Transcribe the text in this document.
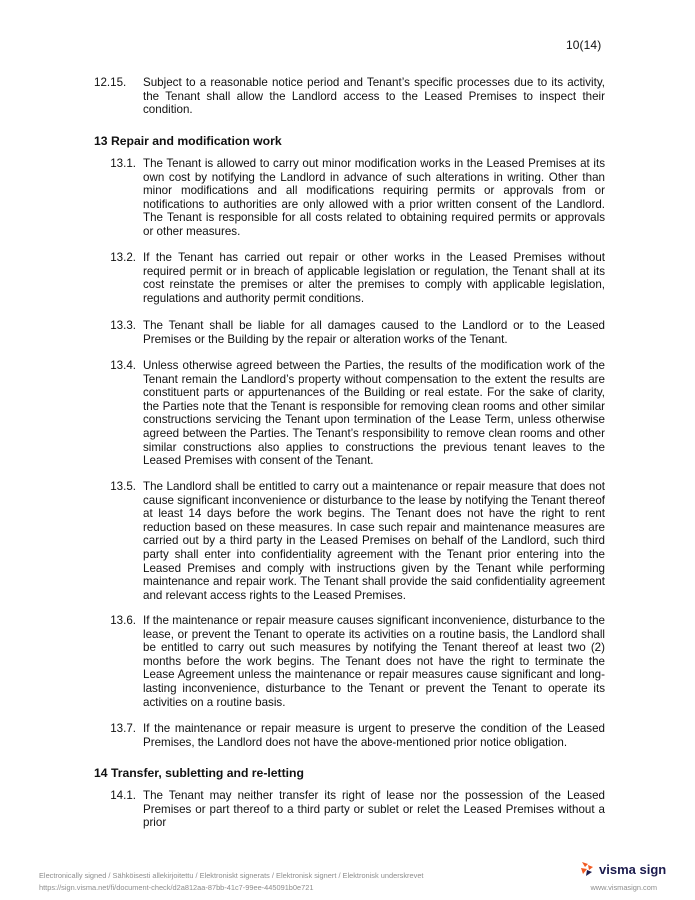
10(14)
12.15.	Subject to a reasonable notice period and Tenant’s specific processes due to its activity, the Tenant shall allow the Landlord access to the Leased Premises to inspect their condition.
13 Repair and modification work
13.1. The Tenant is allowed to carry out minor modification works in the Leased Premises at its own cost by notifying the Landlord in advance of such alterations in writing. Other than minor modifications and all modifications requiring permits or approvals from or notifications to authorities are only allowed with a prior written consent of the Landlord. The Tenant is responsible for all costs related to obtaining required permits or approvals or other measures.
13.2. If the Tenant has carried out repair or other works in the Leased Premises without required permit or in breach of applicable legislation or regulation, the Tenant shall at its cost reinstate the premises or alter the premises to comply with applicable legislation, regulations and authority permit conditions.
13.3. The Tenant shall be liable for all damages caused to the Landlord or to the Leased Premises or the Building by the repair or alteration works of the Tenant.
13.4. Unless otherwise agreed between the Parties, the results of the modification work of the Tenant remain the Landlord’s property without compensation to the extent the results are constituent parts or appurtenances of the Building or real estate. For the sake of clarity, the Parties note that the Tenant is responsible for removing clean rooms and other similar constructions servicing the Tenant upon termination of the Lease Term, unless otherwise agreed between the Parties. The Tenant’s responsibility to remove clean rooms and other similar constructions also applies to constructions the previous tenant leaves to the Leased Premises with consent of the Tenant.
13.5. The Landlord shall be entitled to carry out a maintenance or repair measure that does not cause significant inconvenience or disturbance to the lease by notifying the Tenant thereof at least 14 days before the work begins. The Tenant does not have the right to rent reduction based on these measures. In case such repair and maintenance measures are carried out by a third party in the Leased Premises on behalf of the Landlord, such third party shall enter into confidentiality agreement with the Tenant prior entering into the Leased Premises and comply with instructions given by the Tenant while performing maintenance and repair work. The Tenant shall provide the said confidentiality agreement and relevant access rights to the Leased Premises.
13.6. If the maintenance or repair measure causes significant inconvenience, disturbance to the lease, or prevent the Tenant to operate its activities on a routine basis, the Landlord shall be entitled to carry out such measures by notifying the Tenant thereof at least two (2) months before the work begins. The Tenant does not have the right to terminate the Lease Agreement unless the maintenance or repair measures cause significant and long-lasting inconvenience, disturbance to the Tenant or prevent the Tenant to operate its activities on a routine basis.
13.7. If the maintenance or repair measure is urgent to preserve the condition of the Leased Premises, the Landlord does not have the above-mentioned prior notice obligation.
14 Transfer, subletting and re-letting
14.1. The Tenant may neither transfer its right of lease nor the possession of the Leased Premises or part thereof to a third party or sublet or relet the Leased Premises without a prior
Electronically signed / Sähköisesti allekirjoitettu / Elektroniskt signerats / Elektronisk signert / Elektronisk underskrevet
https://sign.visma.net/fi/document-check/d2a812aa-87bb-41c7-99ee-445091b0e721
visma sign
www.vismasign.com
